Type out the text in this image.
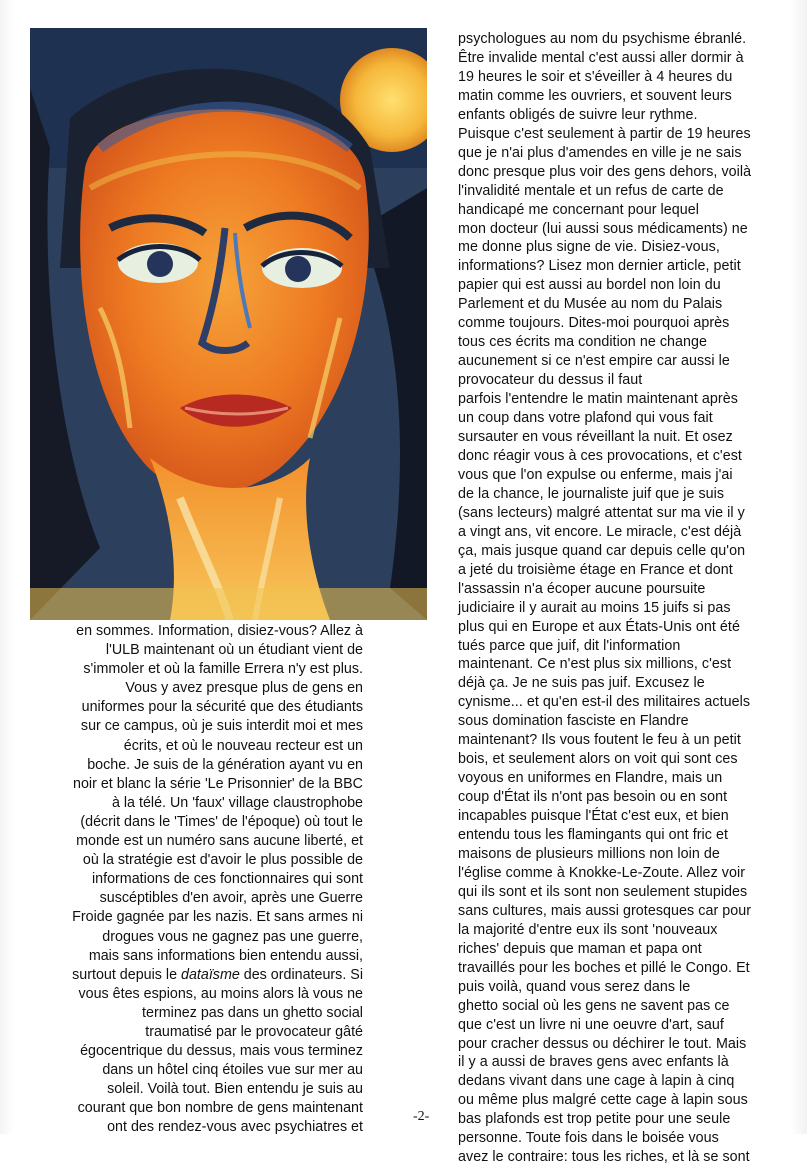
psychologues au nom du psychisme ébranlé.
Être invalide mental c'est aussi aller dormir à
19 heures le soir et s'éveiller à 4 heures du
matin comme les ouvriers, et souvent leurs
enfants obligés de suivre leur rythme.
Puisque c'est seulement à partir de 19 heures
que je n'ai plus d'amendes en ville je ne sais
donc presque plus voir des gens dehors, voilà
l'invalidité mentale et un refus de carte de
handicapé me concernant pour lequel
mon docteur (lui aussi sous médicaments) ne
me donne plus signe de vie. Disiez-vous,
informations? Lisez mon dernier article, petit
papier qui est aussi au bordel non loin du
Parlement et du Musée au nom du Palais
comme toujours. Dites-moi pourquoi après
tous ces écrits ma condition ne change
aucunement si ce n'est empire car aussi le
provocateur du dessus il faut
parfois l'entendre le matin maintenant après
un coup dans votre plafond qui vous fait
sursauter en vous réveillant la nuit. Et osez
donc réagir vous à ces provocations, et c'est
vous que l'on expulse ou enferme, mais j'ai
de la chance, le journaliste juif que je suis
(sans lecteurs) malgré attentat sur ma vie il y
a vingt ans, vit encore. Le miracle, c'est déjà
ça, mais jusque quand car depuis celle qu'on
a jeté du troisième étage en France et dont
l'assassin n'a écoper aucune poursuite
judiciaire il y aurait au moins 15 juifs si pas
plus qui en Europe et aux États-Unis ont été
tués parce que juif, dit l'information
maintenant. Ce n'est plus six millions, c'est
déjà ça. Je ne suis pas juif. Excusez le
cynisme... et qu'en est-il des militaires actuels
sous domination fasciste en Flandre
maintenant? Ils vous foutent le feu à un petit
bois, et seulement alors on voit qui sont ces
voyous en uniformes en Flandre, mais un
coup d'État ils n'ont pas besoin ou en sont
incapables puisque l'État c'est eux, et bien
entendu tous les flamingants qui ont fric et
maisons de plusieurs millions non loin de
l'église comme à Knokke-Le-Zoute. Allez voir
qui ils sont et ils sont non seulement stupides
sans cultures, mais aussi grotesques car pour
la majorité d'entre eux ils sont 'nouveaux
riches' depuis que maman et papa ont
travaillés pour les boches et pillé le Congo. Et
puis voilà, quand vous serez dans le
ghetto social où les gens ne savent pas ce
que c'est un livre ni une oeuvre d'art, sauf
pour cracher dessus ou déchirer le tout. Mais
il y a aussi de braves gens avec enfants là
dedans vivant dans une cage à lapin à cinq
ou même plus malgré cette cage à lapin sous
bas plafonds est trop petite pour une seule
personne. Toute fois dans le boisée vous
avez le contraire: tous les riches, et là se sont
en sommes. Information, disiez-vous? Allez à
l'ULB maintenant où un étudiant vient de
s'immoler et où la famille Errera n'y est plus.
Vous y avez presque plus de gens en
uniformes pour la sécurité que des étudiants
sur ce campus, où je suis interdit moi et mes
écrits, et où le nouveau recteur est un
boche. Je suis de la génération ayant vu en
noir et blanc la série 'Le Prisonnier' de la BBC
à la télé. Un 'faux' village claustrophobe
(décrit dans le 'Times' de l'époque) où tout le
monde est un numéro sans aucune liberté, et
où la stratégie est d'avoir le plus possible de
informations de ces fonctionnaires qui sont
suscéptibles d'en avoir, après une Guerre
Froide gagnée par les nazis. Et sans armes ni
drogues vous ne gagnez pas une guerre,
mais sans informations bien entendu aussi,
surtout depuis le dataïsme des ordinateurs. Si
vous êtes espions, au moins alors là vous ne
terminez pas dans un ghetto social
traumatisé par le provocateur gâté
égocentrique du dessus, mais vous terminez
dans un hôtel cinq étoiles vue sur mer au
soleil. Voilà tout. Bien entendu je suis au
courant que bon nombre de gens maintenant
ont des rendez-vous avec psychiatres et
-2-
